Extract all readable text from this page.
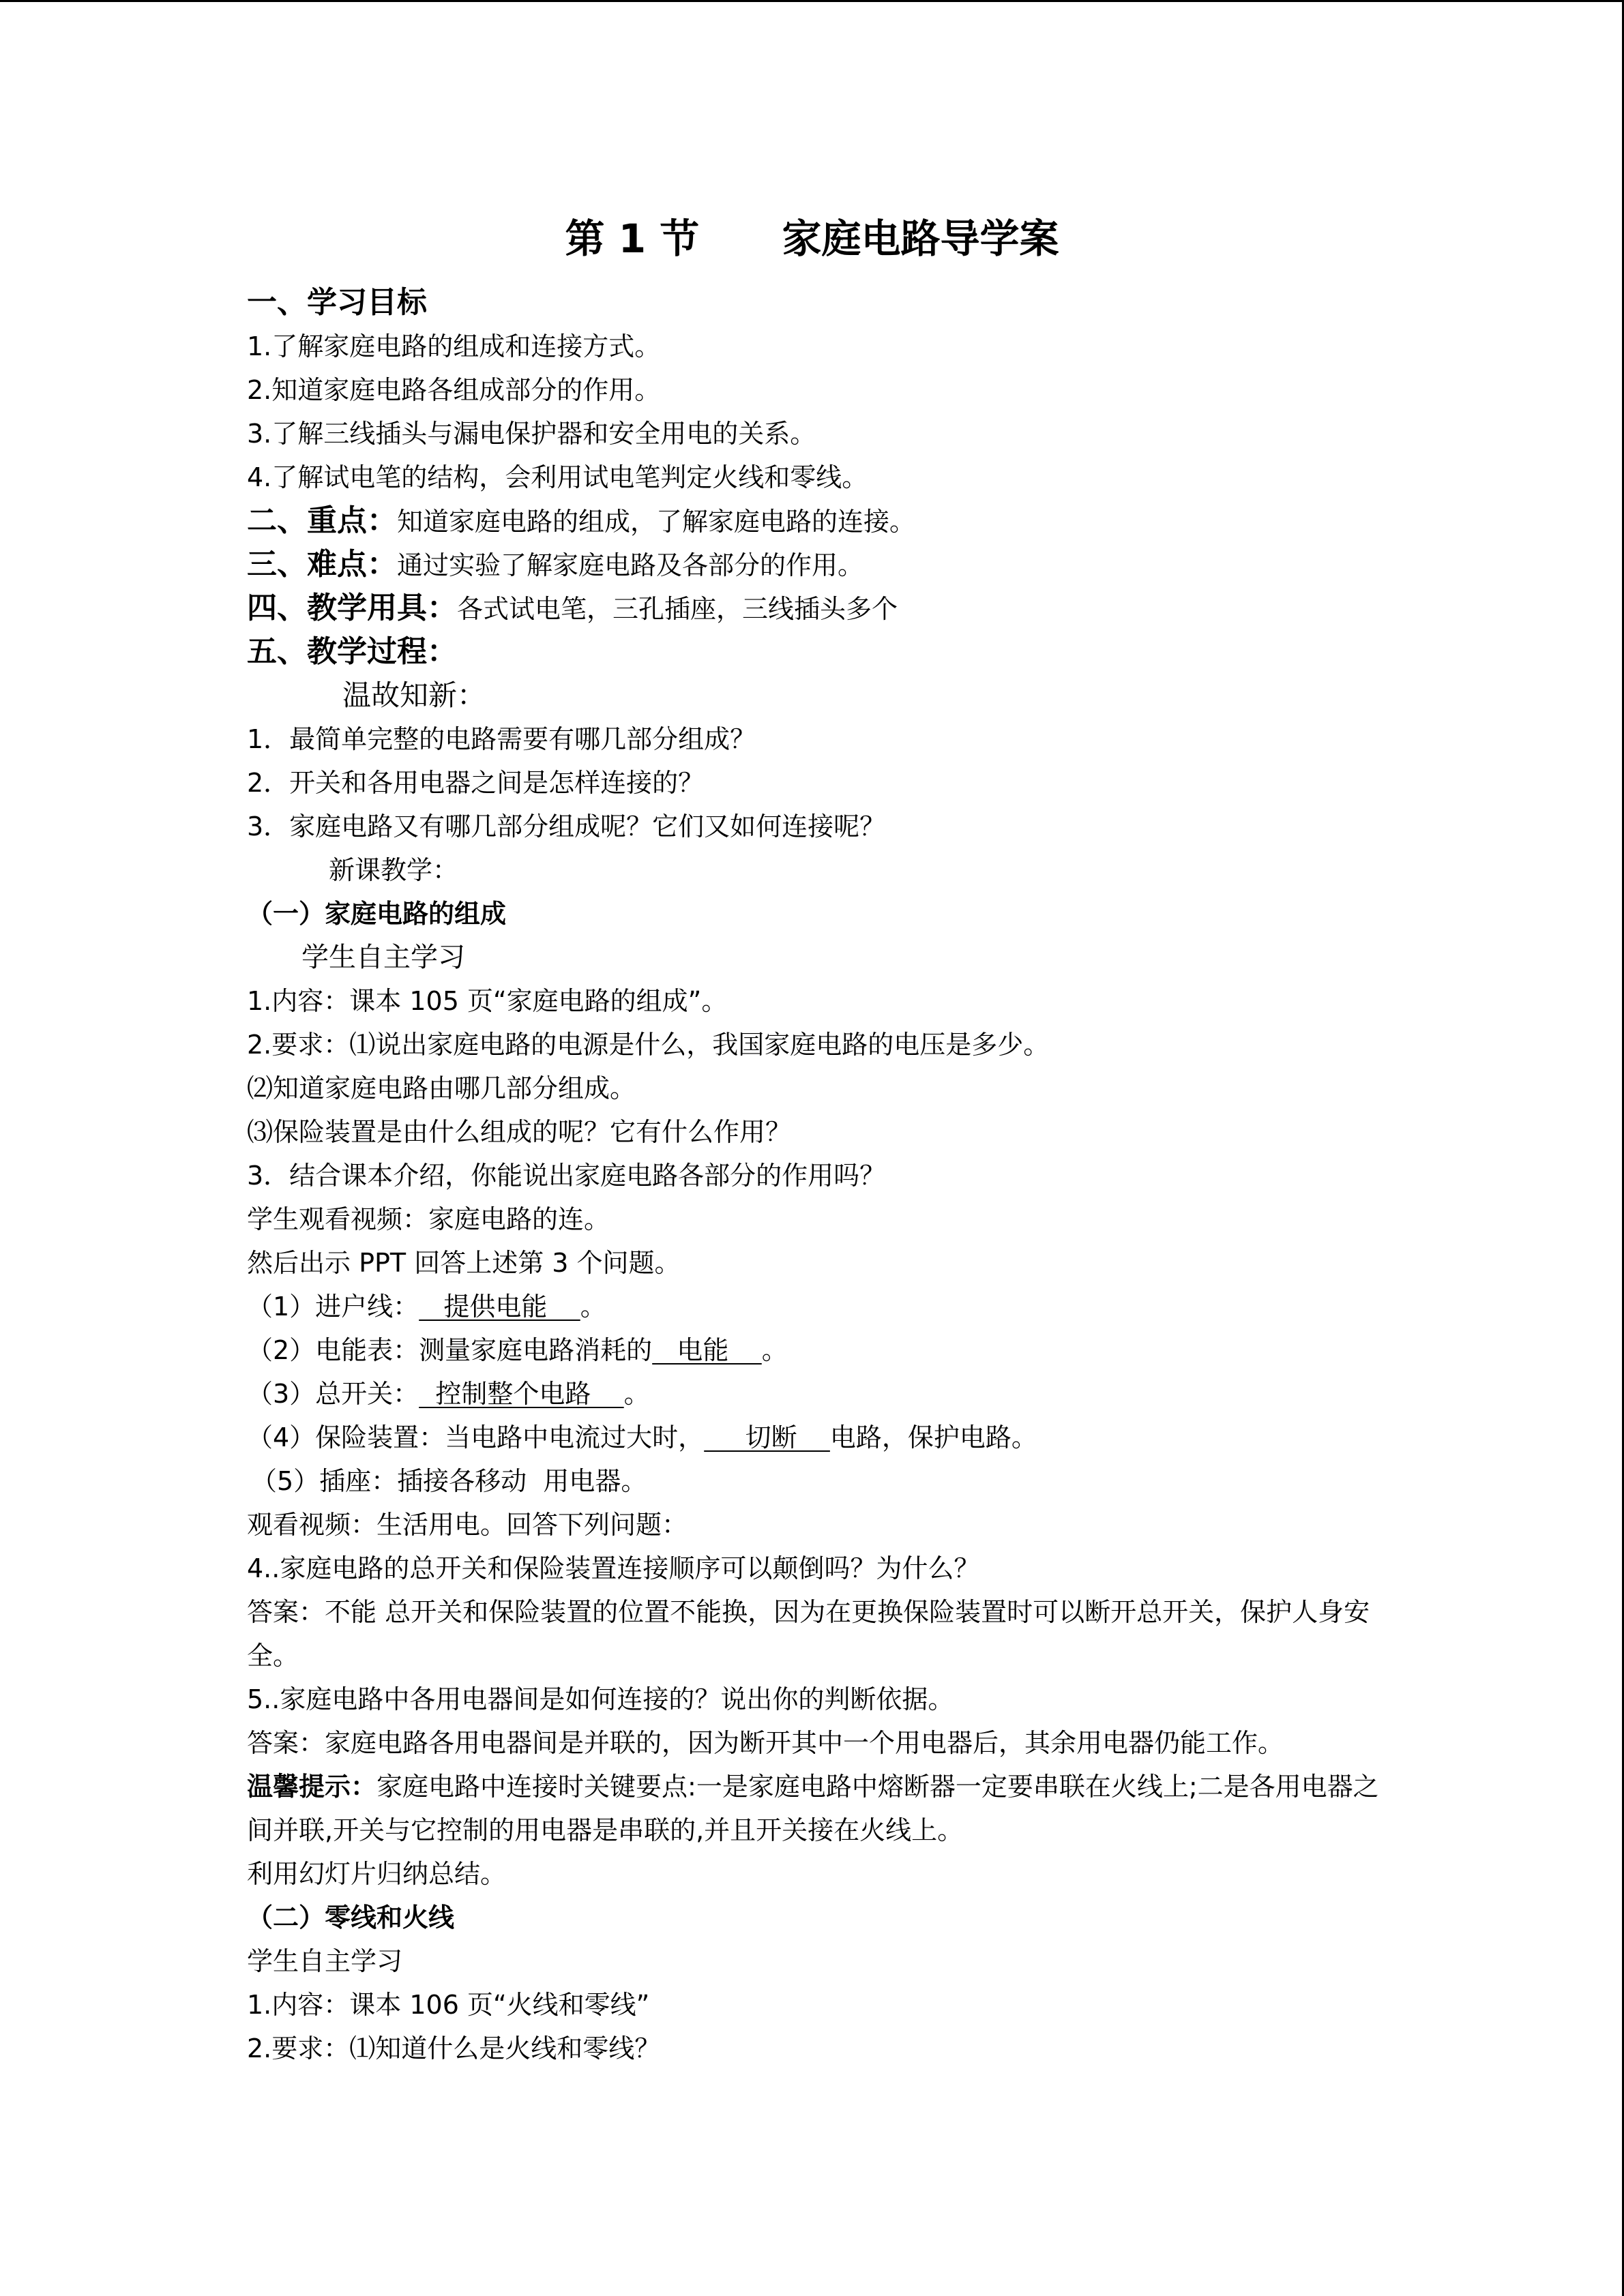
第 1 节      家庭电路导学案
一、学习目标
1.了解家庭电路的组成和连接方式。
2.知道家庭电路各组成部分的作用。
3.了解三线插头与漏电保护器和安全用电的关系。
4.了解试电笔的结构，会利用试电笔判定火线和零线。
二、重点：知道家庭电路的组成，了解家庭电路的连接。
三、难点：通过实验了解家庭电路及各部分的作用。
四、教学用具：各式试电笔，三孔插座，三线插头多个
五、教学过程：
温故知新：
1．最简单完整的电路需要有哪几部分组成？
2．开关和各用电器之间是怎样连接的？
3．家庭电路又有哪几部分组成呢？它们又如何连接呢？
新课教学：
（一）家庭电路的组成
学生自主学习
1.内容：课本 105 页“家庭电路的组成”。
2.要求：⑴说出家庭电路的电源是什么，我国家庭电路的电压是多少。
⑵知道家庭电路由哪几部分组成。
⑶保险装置是由什么组成的呢？它有什么作用？
3．结合课本介绍，你能说出家庭电路各部分的作用吗？
学生观看视频：家庭电路的连。
然后出示 PPT 回答上述第 3 个问题。
（1）进户线：   提供电能    。
（2）电能表：测量家庭电路消耗的   电能    。
（3）总开关：  控制整个电路    。
（4）保险装置：当电路中电流过大时，     切断    电路，保护电路。
（5）插座：插接各移动  用电器。
观看视频：生活用电。回答下列问题：
4..家庭电路的总开关和保险装置连接顺序可以颠倒吗？为什么？
答案：不能 总开关和保险装置的位置不能换，因为在更换保险装置时可以断开总开关，保护人身安全。
5..家庭电路中各用电器间是如何连接的？说出你的判断依据。
答案：家庭电路各用电器间是并联的，因为断开其中一个用电器后，其余用电器仍能工作。
温馨提示：家庭电路中连接时关键要点:一是家庭电路中熔断器一定要串联在火线上;二是各用电器之间并联,开关与它控制的用电器是串联的,并且开关接在火线上。
利用幻灯片归纳总结。
（二）零线和火线
学生自主学习
1.内容：课本 106 页“火线和零线”
2.要求：⑴知道什么是火线和零线？
